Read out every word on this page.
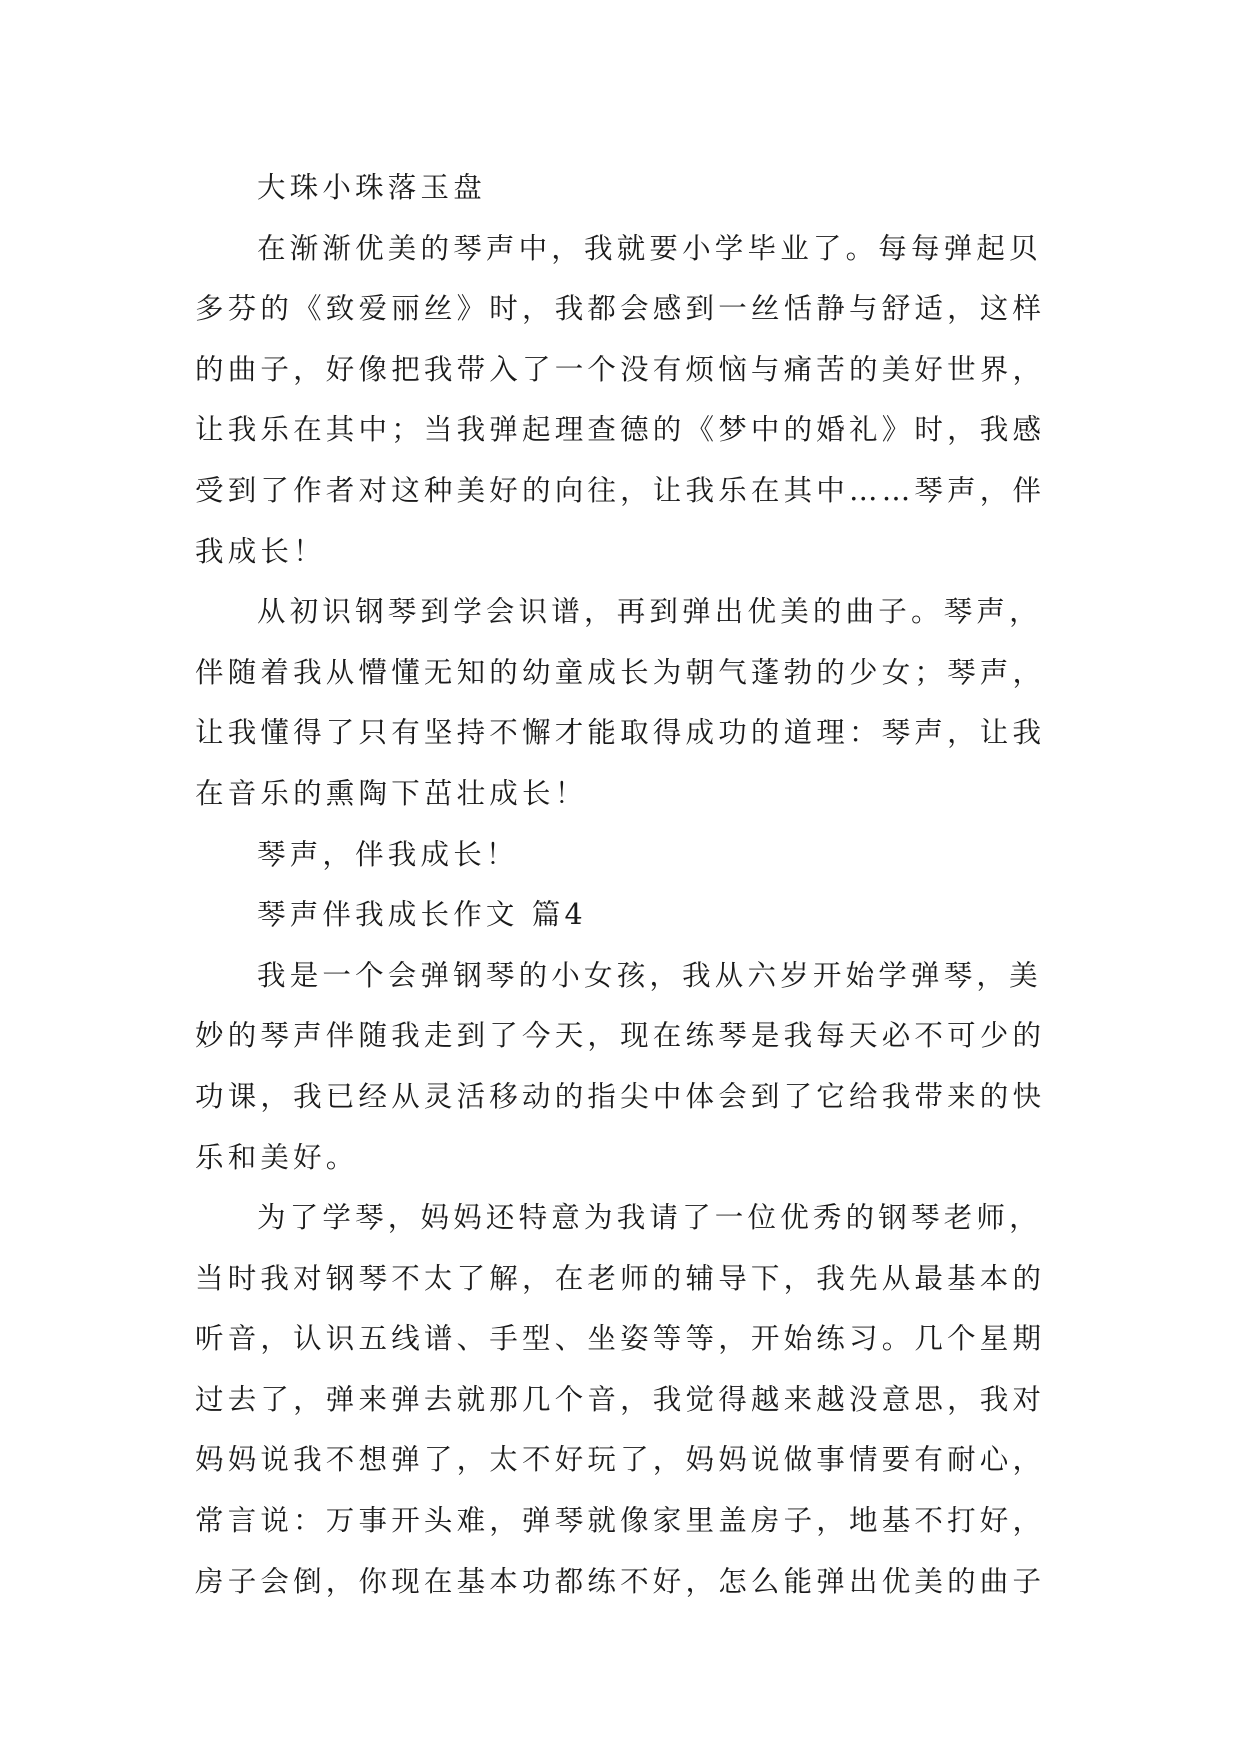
大珠小珠落玉盘
在渐渐优美的琴声中，我就要小学毕业了。每每弹起贝
多芬的《致爱丽丝》时，我都会感到一丝恬静与舒适，这样
的曲子，好像把我带入了一个没有烦恼与痛苦的美好世界，
让我乐在其中；当我弹起理查德的《梦中的婚礼》时，我感
受到了作者对这种美好的向往，让我乐在其中……琴声，伴
我成长！
从初识钢琴到学会识谱，再到弹出优美的曲子。琴声，
伴随着我从懵懂无知的幼童成长为朝气蓬勃的少女；琴声，
让我懂得了只有坚持不懈才能取得成功的道理：琴声，让我
在音乐的熏陶下茁壮成长！
琴声，伴我成长！
琴声伴我成长作文 篇4
我是一个会弹钢琴的小女孩，我从六岁开始学弹琴，美
妙的琴声伴随我走到了今天，现在练琴是我每天必不可少的
功课，我已经从灵活移动的指尖中体会到了它给我带来的快
乐和美好。
为了学琴，妈妈还特意为我请了一位优秀的钢琴老师，
当时我对钢琴不太了解，在老师的辅导下，我先从最基本的
听音，认识五线谱、手型、坐姿等等，开始练习。几个星期
过去了，弹来弹去就那几个音，我觉得越来越没意思，我对
妈妈说我不想弹了，太不好玩了，妈妈说做事情要有耐心，
常言说：万事开头难，弹琴就像家里盖房子，地基不打好，
房子会倒，你现在基本功都练不好，怎么能弹出优美的曲子
